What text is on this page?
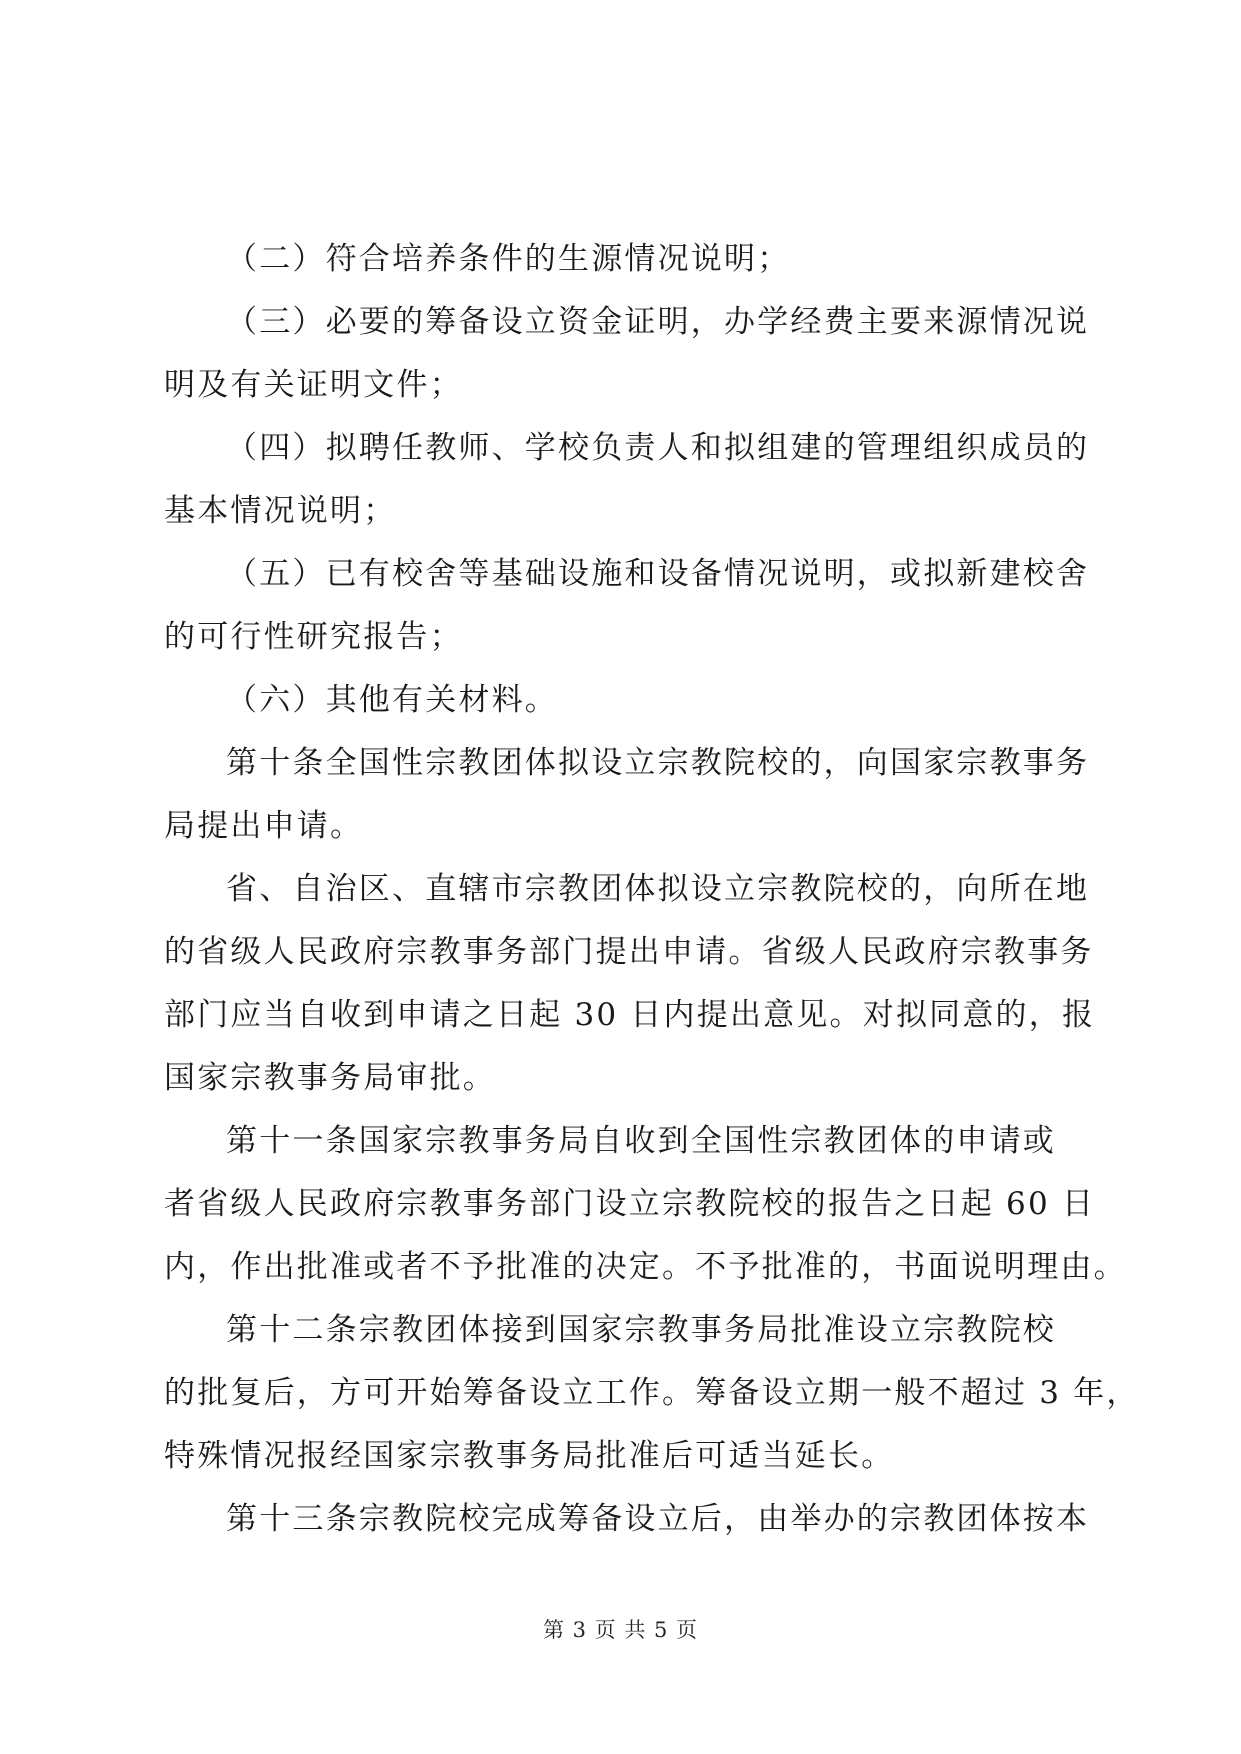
（二）符合培养条件的生源情况说明；

（三）必要的筹备设立资金证明，办学经费主要来源情况说
明及有关证明文件；

（四）拟聘任教师、学校负责人和拟组建的管理组织成员的
基本情况说明；

（五）已有校舍等基础设施和设备情况说明，或拟新建校舍
的可行性研究报告；

（六）其他有关材料。

第十条全国性宗教团体拟设立宗教院校的，向国家宗教事务
局提出申请。

省、自治区、直辖市宗教团体拟设立宗教院校的，向所在地
的省级人民政府宗教事务部门提出申请。省级人民政府宗教事务
部门应当自收到申请之日起 30 日内提出意见。对拟同意的，报
国家宗教事务局审批。

第十一条国家宗教事务局自收到全国性宗教团体的申请或
者省级人民政府宗教事务部门设立宗教院校的报告之日起 60 日
内，作出批准或者不予批准的决定。不予批准的，书面说明理由。

第十二条宗教团体接到国家宗教事务局批准设立宗教院校
的批复后，方可开始筹备设立工作。筹备设立期一般不超过 3 年，
特殊情况报经国家宗教事务局批准后可适当延长。

第十三条宗教院校完成筹备设立后，由举办的宗教团体按本

第 3 页 共 5 页
